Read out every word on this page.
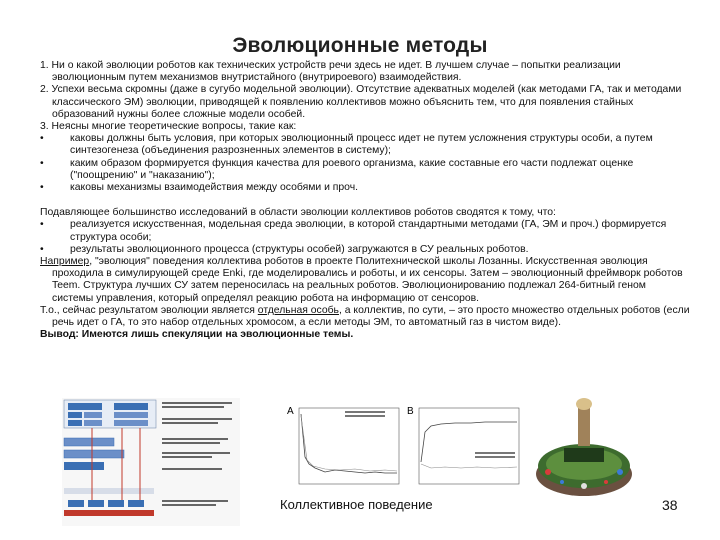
Эволюционные методы
1. Ни о какой эволюции роботов как технических устройств речи здесь не идет. В лучшем случае – попытки реализации эволюционным путем механизмов внутристайного (внутрироевого) взаимодействия.
2. Успехи весьма скромны (даже в сугубо модельной эволюции). Отсутствие адекватных моделей (как методами ГА, так и методами классического ЭМ) эволюции, приводящей к появлению коллективов можно объяснить тем, что для появления стайных образований нужны более сложные модели особей.
3. Неясны многие теоретические вопросы, такие как:
•	каковы должны быть условия, при которых эволюционный процесс идет не путем усложнения структуры особи, а путем синтезогенеза (объединения разрозненных элементов в систему);
•	каким образом формируется функция качества для роевого организма, какие составные его части подлежат оценке ("поощрению" и "наказанию");
•	каковы механизмы взаимодействия между особями и проч.
Подавляющее большинство исследований в области эволюции коллективов роботов сводятся к тому, что:
•	реализуется искусственная, модельная среда эволюции, в которой стандартными методами (ГА, ЭМ и проч.) формируется структура особи;
•	результаты эволюционного процесса (структуры особей) загружаются в СУ реальных роботов.
Например, "эволюция" поведения коллектива роботов в проекте Политехнической школы Лозанны. Искусственная эволюция проходила в симулирующей среде Enki, где моделировались и роботы, и их сенсоры. Затем – эволюционный фреймворк роботов Teem. Структура лучших СУ затем переносилась на реальных роботов. Эволюционированию подлежал 264-битный геном системы управления, который определял реакцию робота на информацию от сенсоров.
Т.о., сейчас результатом эволюции является отдельная особь, а коллектив, по сути, – это просто множество отдельных роботов (если речь идет о ГА, то это набор отдельных хромосом, а если методы ЭМ, то автоматный газ в чистом виде).
Вывод: Имеются лишь спекуляции на эволюционные темы.
A	B
Коллективное поведение	38
